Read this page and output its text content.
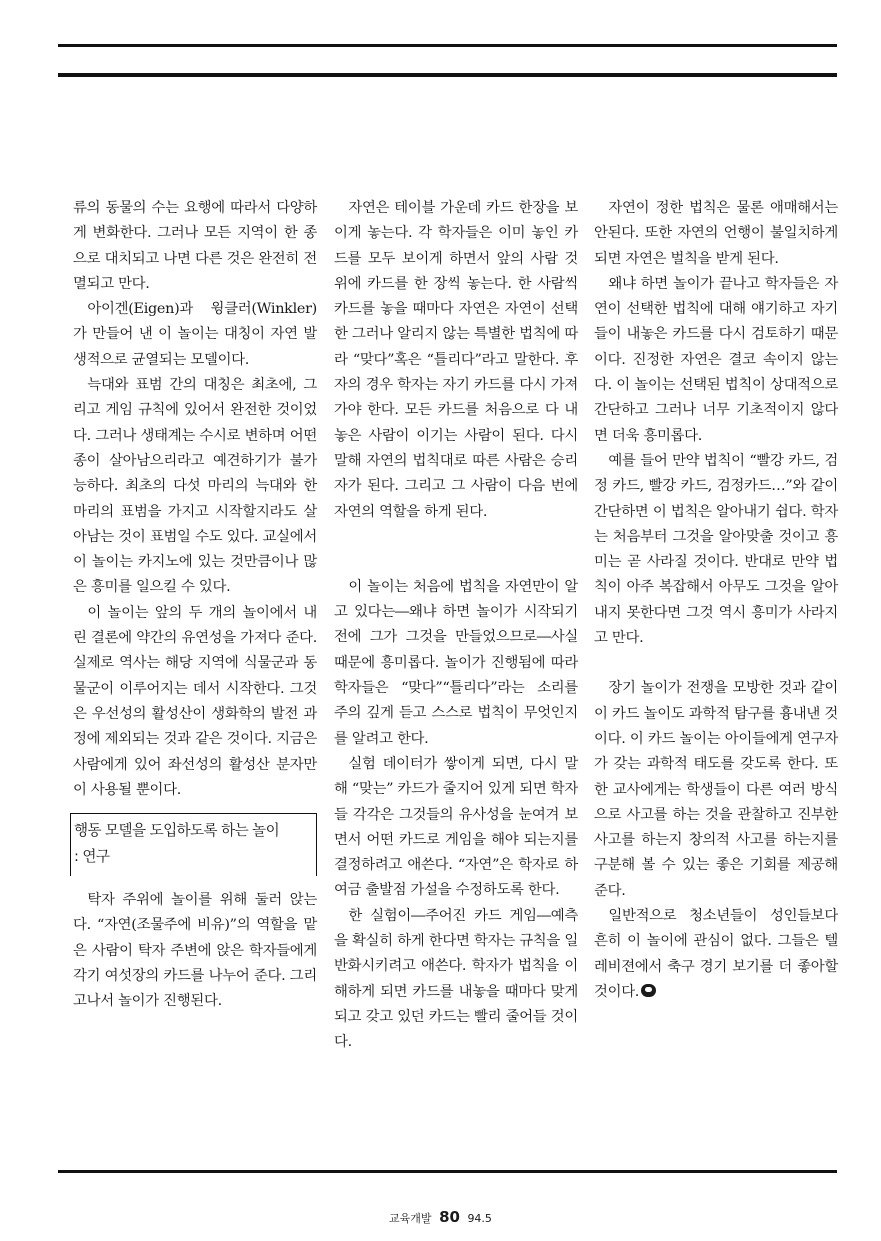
류의 동물의 수는 요행에 따라서 다양하게 변화한다. 그러나 모든 지역이 한 종으로 대치되고 나면 다른 것은 완전히 전멸되고 만다.

아이겐(Eigen)과 윙클러(Winkler)가 만들어 낸 이 놀이는 대칭이 자연 발생적으로 균열되는 모델이다.

늑대와 표범 간의 대칭은 최초에, 그리고 게임 규칙에 있어서 완전한 것이었다. 그러나 생태계는 수시로 변하며 어떤 종이 살아남으리라고 예견하기가 불가능하다. 최초의 다섯 마리의 늑대와 한 마리의 표범을 가지고 시작할지라도 살아남는 것이 표범일 수도 있다. 교실에서 이 놀이는 카지노에 있는 것만큼이나 많은 흥미를 일으킬 수 있다.

이 놀이는 앞의 두 개의 놀이에서 내린 결론에 약간의 유연성을 가져다 준다. 실제로 역사는 해당 지역에 식물군과 동물군이 이루어지는 데서 시작한다. 그것은 우선성의 활성산이 생화학의 발전 과정에 제외되는 것과 같은 것이다. 지금은 사람에게 있어 좌선성의 활성산 분자만이 사용될 뿐이다.

행동 모델을 도입하도록 하는 놀이
: 연구

탁자 주위에 놀이를 위해 둘러 앉는다. “자연(조물주에 비유)”의 역할을 맡은 사람이 탁자 주변에 앉은 학자들에게 각기 여섯장의 카드를 나누어 준다. 그리고나서 놀이가 진행된다.

자연은 테이블 가운데 카드 한장을 보이게 놓는다. 각 학자들은 이미 놓인 카드를 모두 보이게 하면서 앞의 사람 것 위에 카드를 한 장씩 놓는다. 한 사람씩 카드를 놓을 때마다 자연은 자연이 선택한 그러나 알리지 않는 특별한 법칙에 따라 “맞다”혹은 “틀리다”라고 말한다. 후자의 경우 학자는 자기 카드를 다시 가져가야 한다. 모든 카드를 처음으로 다 내놓은 사람이 이기는 사람이 된다. 다시 말해 자연의 법칙대로 따른 사람은 승리자가 된다. 그리고 그 사람이 다음 번에 자연의 역할을 하게 된다.

이 놀이는 처음에 법칙을 자연만이 알고 있다는―왜냐 하면 놀이가 시작되기 전에 그가 그것을 만들었으므로―사실 때문에 흥미롭다. 놀이가 진행됨에 따라 학자들은 “맞다”“틀리다”라는 소리를 주의 깊게 듣고 스스로 법칙이 무엇인지를 알려고 한다.

실험 데이터가 쌓이게 되면, 다시 말해 “맞는” 카드가 줄지어 있게 되면 학자들 각각은 그것들의 유사성을 눈여겨 보면서 어떤 카드로 게임을 해야 되는지를 결정하려고 애쓴다. “자연”은 학자로 하여금 출발점 가설을 수정하도록 한다.

한 실험이―주어진 카드 게임―예측을 확실히 하게 한다면 학자는 규칙을 일반화시키려고 애쓴다. 학자가 법칙을 이해하게 되면 카드를 내놓을 때마다 맞게 되고 갖고 있던 카드는 빨리 줄어들 것이다.

자연이 정한 법칙은 물론 애매해서는 안된다. 또한 자연의 언행이 불일치하게 되면 자연은 벌칙을 받게 된다.

왜냐 하면 놀이가 끝나고 학자들은 자연이 선택한 법칙에 대해 얘기하고 자기들이 내놓은 카드를 다시 검토하기 때문이다. 진정한 자연은 결코 속이지 않는다. 이 놀이는 선택된 법칙이 상대적으로 간단하고 그러나 너무 기초적이지 않다면 더욱 흥미롭다.

예를 들어 만약 법칙이 “빨강 카드, 검정 카드, 빨강 카드, 검정카드…”와 같이 간단하면 이 법칙은 알아내기 쉽다. 학자는 처음부터 그것을 알아맞출 것이고 흥미는 곧 사라질 것이다. 반대로 만약 법칙이 아주 복잡해서 아무도 그것을 알아내지 못한다면 그것 역시 흥미가 사라지고 만다.

장기 놀이가 전쟁을 모방한 것과 같이 이 카드 놀이도 과학적 탐구를 흉내낸 것이다. 이 카드 놀이는 아이들에게 연구자가 갖는 과학적 태도를 갖도록 한다. 또한 교사에게는 학생들이 다른 여러 방식으로 사고를 하는 것을 관찰하고 진부한 사고를 하는지 창의적 사고를 하는지를 구분해 볼 수 있는 좋은 기회를 제공해 준다.

일반적으로 청소년들이 성인들보다 흔히 이 놀이에 관심이 없다. 그들은 텔레비젼에서 축구 경기 보기를 더 좋아할 것이다.

교육개발 80 94.5
